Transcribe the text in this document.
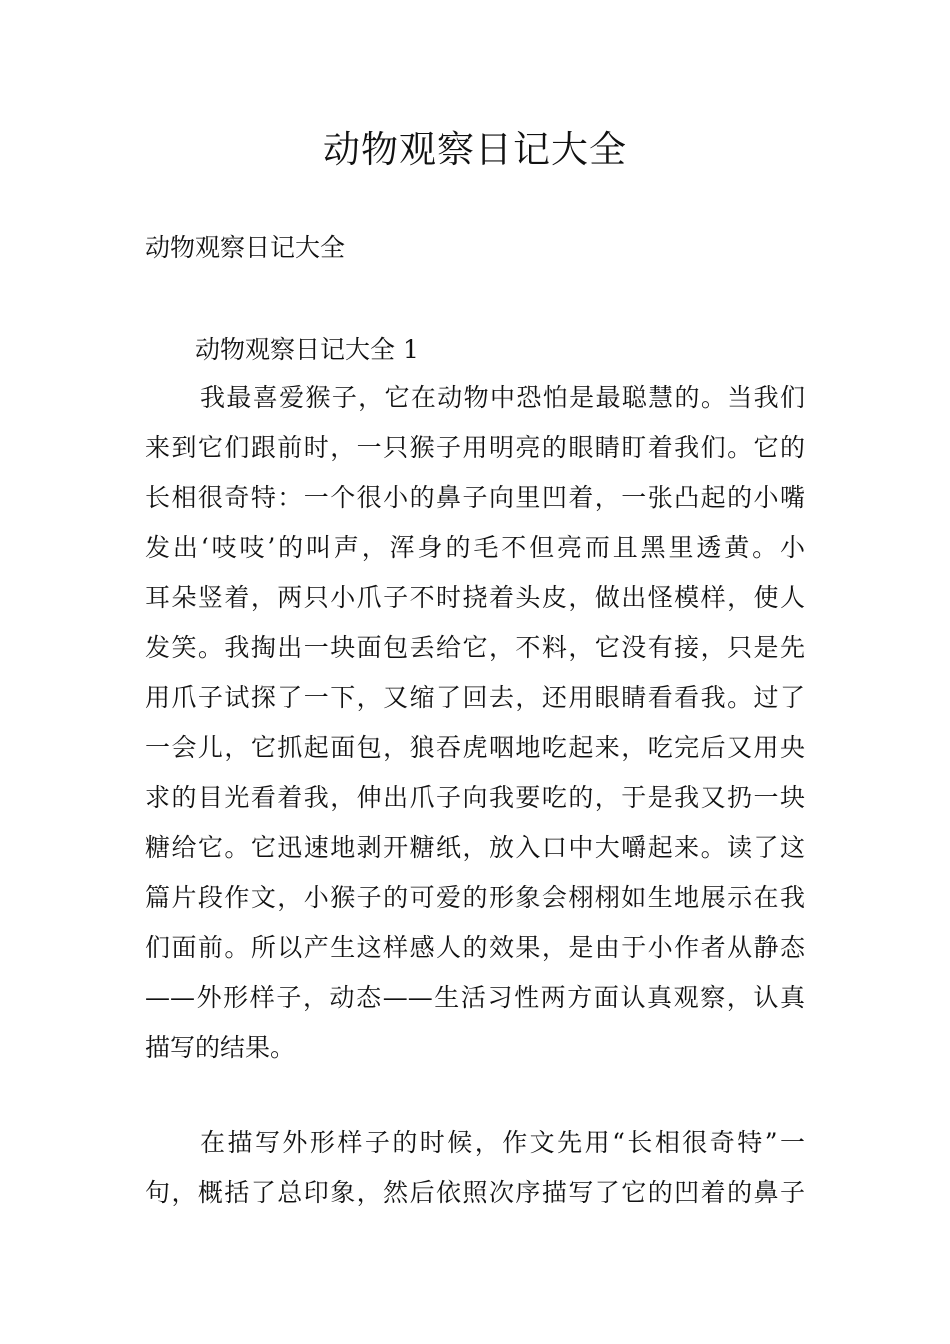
动物观察日记大全

动物观察日记大全

动物观察日记大全 1

我最喜爱猴子，它在动物中恐怕是最聪慧的。当我们
来到它们跟前时，一只猴子用明亮的眼睛盯着我们。它的
长相很奇特：一个很小的鼻子向里凹着，一张凸起的小嘴
发出‘吱吱’的叫声，浑身的毛不但亮而且黑里透黄。小
耳朵竖着，两只小爪子不时挠着头皮，做出怪模样，使人
发笑。我掏出一块面包丢给它，不料，它没有接，只是先
用爪子试探了一下，又缩了回去，还用眼睛看看我。过了
一会儿，它抓起面包，狼吞虎咽地吃起来，吃完后又用央
求的目光看着我，伸出爪子向我要吃的，于是我又扔一块
糖给它。它迅速地剥开糖纸，放入口中大嚼起来。读了这
篇片段作文，小猴子的可爱的形象会栩栩如生地展示在我
们面前。所以产生这样感人的效果，是由于小作者从静态
——外形样子，动态——生活习性两方面认真观察，认真
描写的结果。
在描写外形样子的时候，作文先用“长相很奇特”一
句，概括了总印象，然后依照次序描写了它的凹着的鼻子
